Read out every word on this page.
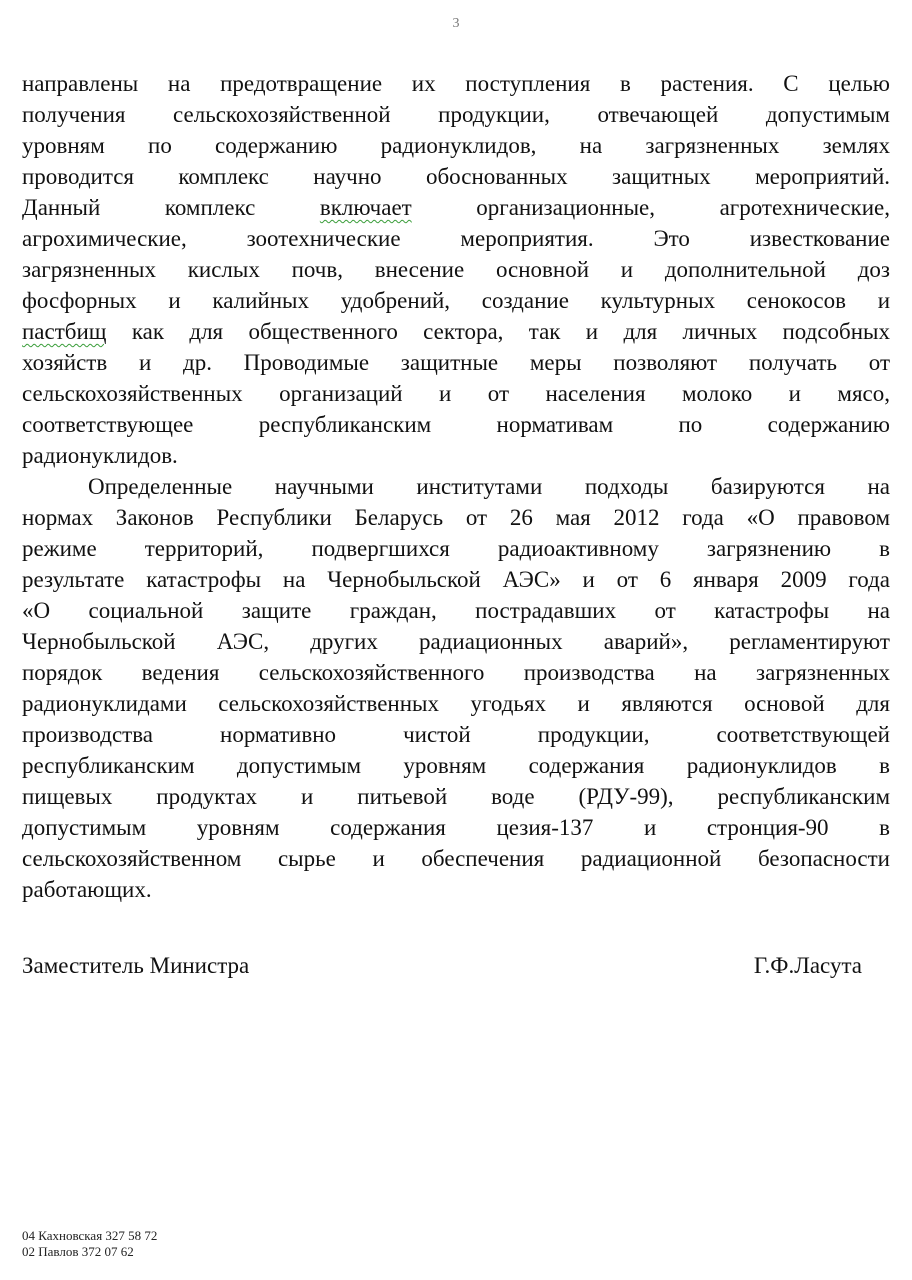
3
направлены на предотвращение их поступления в растения. С целью
получения сельскохозяйственной продукции, отвечающей допустимым
уровням по содержанию радионуклидов, на загрязненных землях
проводится комплекс научно обоснованных защитных мероприятий.
Данный комплекс включает организационные, агротехнические,
агрохимические, зоотехнические мероприятия. Это известкование
загрязненных кислых почв, внесение основной и дополнительной доз
фосфорных и калийных удобрений, создание культурных сенокосов и
пастбищ как для общественного сектора, так и для личных подсобных
хозяйств и др. Проводимые защитные меры позволяют получать от
сельскохозяйственных организаций и от населения молоко и мясо,
соответствующее республиканским нормативам по содержанию
радионуклидов.
Определенные научными институтами подходы базируются на
нормах Законов Республики Беларусь от 26 мая 2012 года «О правовом
режиме территорий, подвергшихся радиоактивному загрязнению в
результате катастрофы на Чернобыльской АЭС» и от 6 января 2009 года
«О социальной защите граждан, пострадавших от катастрофы на
Чернобыльской АЭС, других радиационных аварий», регламентируют
порядок ведения сельскохозяйственного производства на загрязненных
радионуклидами сельскохозяйственных угодьях и являются основой для
производства нормативно чистой продукции, соответствующей
республиканским допустимым уровням содержания радионуклидов в
пищевых продуктах и питьевой воде (РДУ-99), республиканским
допустимым уровням содержания цезия-137 и стронция-90 в
сельскохозяйственном сырье и обеспечения радиационной безопасности
работающих.
Заместитель Министра	Г.Ф.Ласута
04 Кахновская 327 58 72
02 Павлов 372 07 62
